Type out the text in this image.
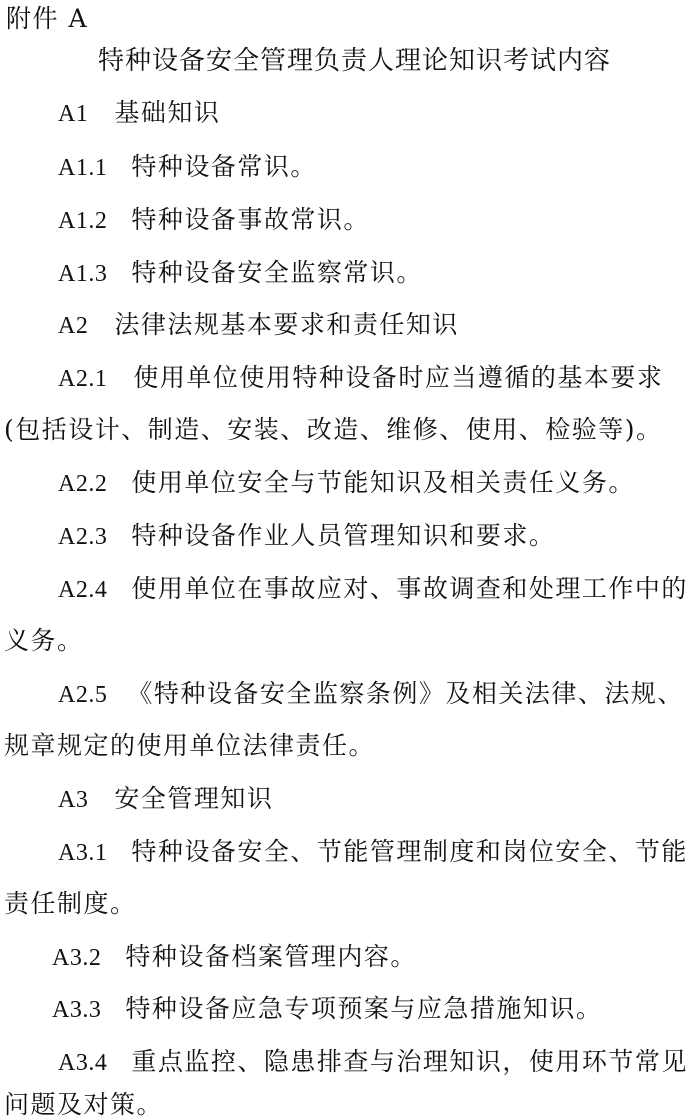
附件 A
特种设备安全管理负责人理论知识考试内容
A1 基础知识
A1.1 特种设备常识。
A1.2 特种设备事故常识。
A1.3 特种设备安全监察常识。
A2 法律法规基本要求和责任知识
A2.1 使用单位使用特种设备时应当遵循的基本要求
(包括设计、制造、安装、改造、维修、使用、检验等)。
A2.2 使用单位安全与节能知识及相关责任义务。
A2.3 特种设备作业人员管理知识和要求。
A2.4 使用单位在事故应对、事故调查和处理工作中的
义务。
A2.5 《特种设备安全监察条例》及相关法律、法规、
规章规定的使用单位法律责任。
A3 安全管理知识
A3.1 特种设备安全、节能管理制度和岗位安全、节能
责任制度。
A3.2 特种设备档案管理内容。
A3.3 特种设备应急专项预案与应急措施知识。
A3.4 重点监控、隐患排查与治理知识，使用环节常见
问题及对策。
